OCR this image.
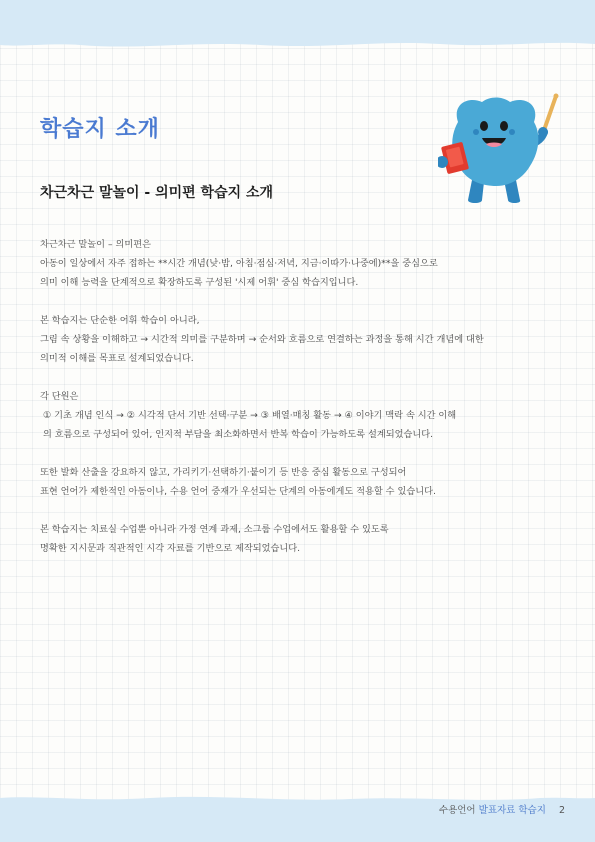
학습지 소개
차근차근 말놀이 - 의미편 학습지 소개
차근차근 말놀이 – 의미편은
아동이 일상에서 자주 접하는 **시간 개념(낮·밤, 아침·점심·저녁, 지금·이따가·나중에)**을 중심으로
의미 이해 능력을 단계적으로 확장하도록 구성된 '시제 어휘' 중심 학습지입니다.
본 학습지는 단순한 어휘 학습이 아니라,
그림 속 상황을 이해하고 → 시간적 의미를 구분하며 → 순서와 흐름으로 연결하는 과정을 통해 시간 개념에 대한
의미적 이해를 목표로 설계되었습니다.
각 단원은
① 기초 개념 인식 → ② 시각적 단서 기반 선택·구분 → ③ 배열·매칭 활동 → ④ 이야기 맥락 속 시간 이해
의 흐름으로 구성되어 있어, 인지적 부담을 최소화하면서 반복 학습이 가능하도록 설계되었습니다.
또한 발화 산출을 강요하지 않고, 가리키기·선택하기·붙이기 등 반응 중심 활동으로 구성되어
표현 언어가 제한적인 아동이나, 수용 언어 중재가 우선되는 단계의 아동에게도 적용할 수 있습니다.
본 학습지는 치료실 수업뿐 아니라 가정 연계 과제, 소그룹 수업에서도 활용할 수 있도록
명확한 지시문과 직관적인 시각 자료를 기반으로 제작되었습니다.
수용언어 발표자료 학습지 2
